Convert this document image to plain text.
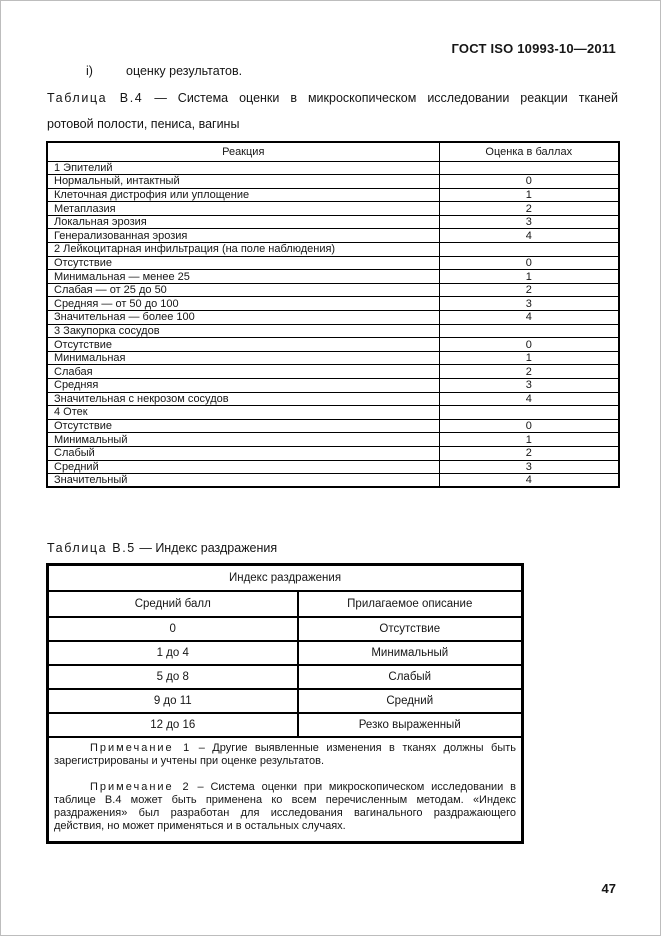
ГОСТ ISO 10993-10—2011
i)	оценку результатов.
Таблица В.4 — Система оценки в микроскопическом исследовании реакции тканей
ротовой полости, пениса, вагины
Реакция	Оценка в баллах
1 Эпителий	
Нормальный, интактный	0
Клеточная дистрофия или уплощение	1
Метаплазия	2
Локальная эрозия	3
Генерализованная эрозия	4
2 Лейкоцитарная инфильтрация (на поле наблюдения)	
Отсутствие	0
Минимальная — менее 25	1
Слабая — от 25 до 50	2
Средняя — от 50 до 100	3
Значительная — более 100	4
3 Закупорка сосудов	
Отсутствие	0
Минимальная	1
Слабая	2
Средняя	3
Значительная с некрозом сосудов	4
4 Отек	
Отсутствие	0
Минимальный	1
Слабый	2
Средний	3
Значительный	4
Таблица В.5 — Индекс раздражения
Индекс раздражения	
Средний балл	Прилагаемое описание
0	Отсутствие
1 до 4	Минимальный
5 до 8	Слабый
9 до 11	Средний
12 до 16	Резко выраженный

Примечание 1 – Другие выявленные изменения в тканях должны быть зарегистрированы и учтены при оценке результатов.

Примечание 2 – Система оценки при микроскопическом исследовании в таблице В.4 может быть применена ко всем перечисленным методам. «Индекс раздражения» был разработан для исследования вагинального раздражающего действия, но может применяться и в остальных случаях.	

47
